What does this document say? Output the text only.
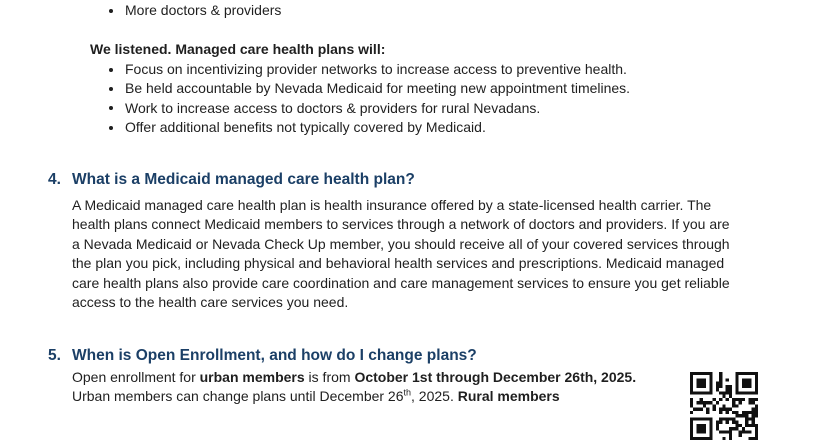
More doctors & providers
We listened. Managed care health plans will:
Focus on incentivizing provider networks to increase access to preventive health.
Be held accountable by Nevada Medicaid for meeting new appointment timelines.
Work to increase access to doctors & providers for rural Nevadans.
Offer additional benefits not typically covered by Medicaid.
4. What is a Medicaid managed care health plan?

A Medicaid managed care health plan is health insurance offered by a state-licensed health carrier. The health plans connect Medicaid members to services through a network of doctors and providers. If you are a Nevada Medicaid or Nevada Check Up member, you should receive all of your covered services through the plan you pick, including physical and behavioral health services and prescriptions. Medicaid managed care health plans also provide care coordination and care management services to ensure you get reliable access to the health care services you need.

5. When is Open Enrollment, and how do I change plans?

Open enrollment for urban members is from October 1st through December 26th, 2025. Urban members can change plans until December 26th, 2025. Rural members
